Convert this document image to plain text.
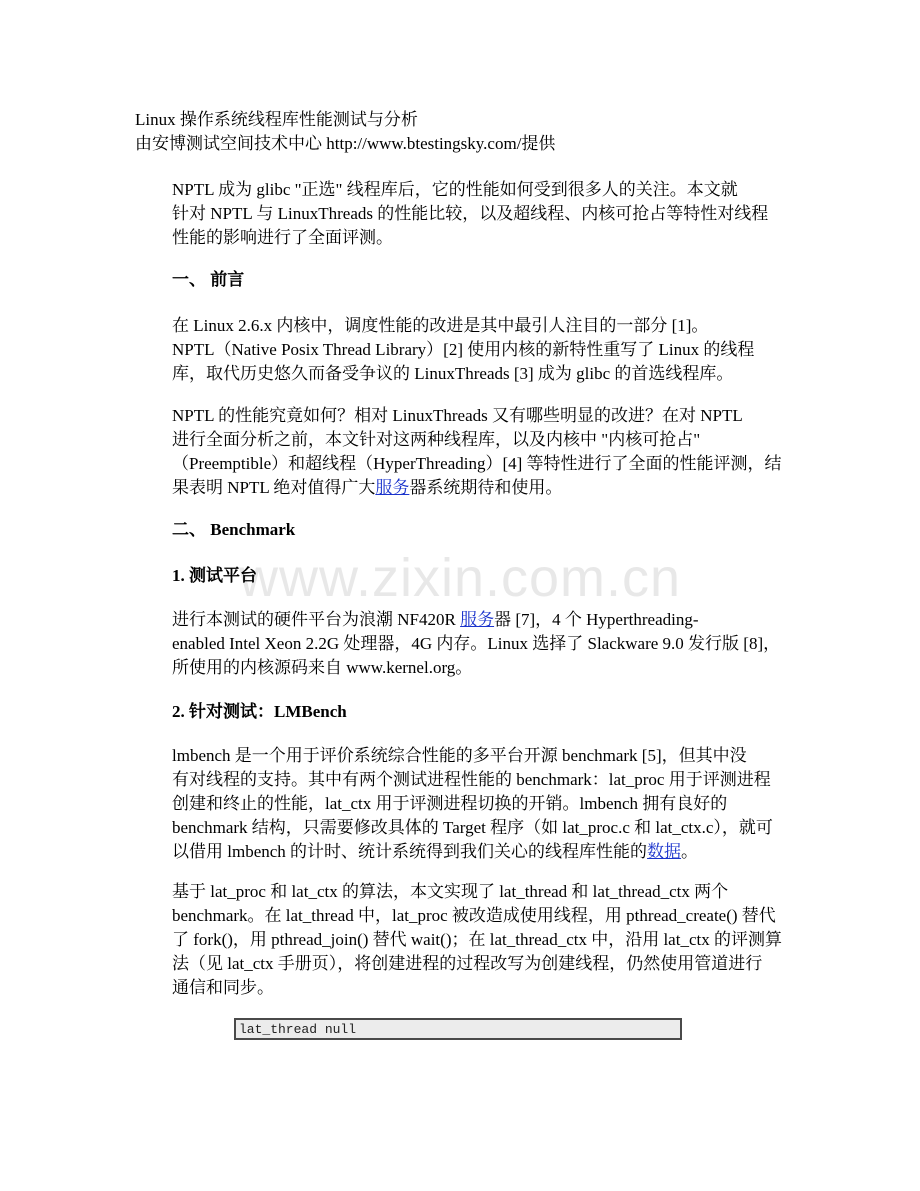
www.zixin.com.cn
Linux 操作系统线程库性能测试与分析
由安博测试空间技术中心 http://www.btestingsky.com/提供
NPTL 成为 glibc "正选" 线程库后，它的性能如何受到很多人的关注。本文就
针对 NPTL 与 LinuxThreads 的性能比较，以及超线程、内核可抢占等特性对线程
性能的影响进行了全面评测。
一、 前言
在 Linux 2.6.x 内核中，调度性能的改进是其中最引人注目的一部分 [1]。
NPTL（Native Posix Thread Library）[2] 使用内核的新特性重写了 Linux 的线程
库，取代历史悠久而备受争议的 LinuxThreads [3] 成为 glibc 的首选线程库。
NPTL 的性能究竟如何？相对 LinuxThreads 又有哪些明显的改进？在对 NPTL
进行全面分析之前，本文针对这两种线程库，以及内核中 "内核可抢占"
（Preemptible）和超线程（HyperThreading）[4] 等特性进行了全面的性能评测，结
果表明 NPTL 绝对值得广大服务器系统期待和使用。
二、 Benchmark
1. 测试平台
进行本测试的硬件平台为浪潮 NF420R 服务器 [7]，4 个 Hyperthreading-
enabled Intel Xeon 2.2G 处理器，4G 内存。Linux 选择了 Slackware 9.0 发行版 [8]，
所使用的内核源码来自 www.kernel.org。
2. 针对测试：LMBench
lmbench 是一个用于评价系统综合性能的多平台开源 benchmark [5]，但其中没
有对线程的支持。其中有两个测试进程性能的 benchmark：lat_proc 用于评测进程
创建和终止的性能，lat_ctx 用于评测进程切换的开销。lmbench 拥有良好的
benchmark 结构，只需要修改具体的 Target 程序（如 lat_proc.c 和 lat_ctx.c），就可
以借用 lmbench 的计时、统计系统得到我们关心的线程库性能的数据。
基于 lat_proc 和 lat_ctx 的算法，本文实现了 lat_thread 和 lat_thread_ctx 两个
benchmark。在 lat_thread 中，lat_proc 被改造成使用线程，用 pthread_create() 替代
了 fork()，用 pthread_join() 替代 wait()；在 lat_thread_ctx 中，沿用 lat_ctx 的评测算
法（见 lat_ctx 手册页），将创建进程的过程改写为创建线程，仍然使用管道进行
通信和同步。
lat_thread null
